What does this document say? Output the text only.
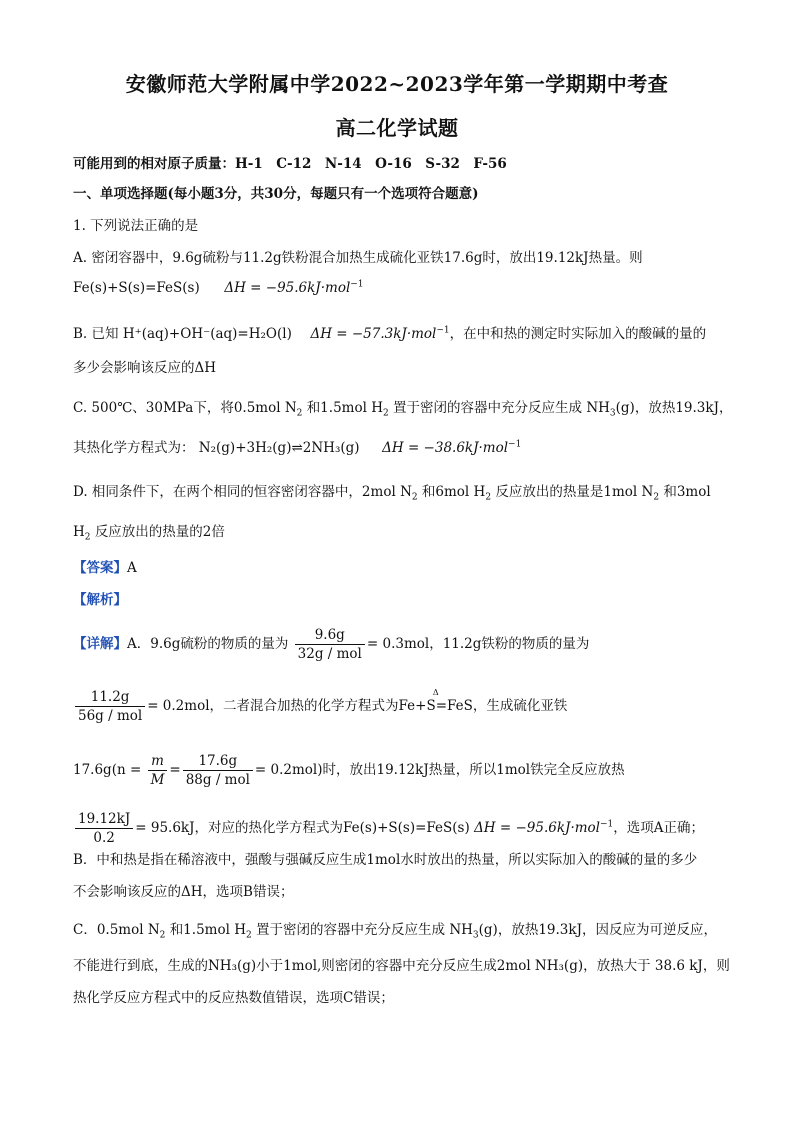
安徽师范大学附属中学2022~2023学年第一学期期中考查
高二化学试题
可能用到的相对原子质量：H-1　C-12　N-14　O-16　S-32　F-56
一、单项选择题(每小题3分，共30分，每题只有一个选项符合题意)
1. 下列说法正确的是
A. 密闭容器中，9.6g硫粉与11.2g铁粉混合加热生成硫化亚铁17.6g时，放出19.12kJ热量。则
Fe(s)+S(s)=FeS(s) ΔH = −95.6kJ·mol$^{-1}$
B. 已知 H⁺(aq)+OH⁻(aq)=H₂O(l) ΔH = −57.3kJ·mol$^{-1}$，在中和热的测定时实际加入的酸碱的量的
多少会影响该反应的ΔH
C. 500℃、30MPa下，将0.5mol $N_2$ 和1.5mol $H_2$ 置于密闭的容器中充分反应生成 $NH_3(g)$，放热19.3kJ，
其热化学方程式为： N₂(g)+3H₂(g)⇌2NH₃(g) ΔH = −38.6kJ·mol$^{-1}$
D. 相同条件下，在两个相同的恒容密闭容器中，2mol $N_2$ 和6mol $H_2$ 反应放出的热量是1mol $N_2$ 和3mol
$H_2$ 反应放出的热量的2倍
【答案】A
【解析】
【详解】A．9.6g硫粉的物质的量为 $\frac{9.6g}{\text{32g / mol}} = 0.3mol$，11.2g铁粉的物质的量为
$\frac{11.2g}{\text{56g / mol}} = 0.2mol$，二者混合加热的化学方程式为
Δ
Fe+S=FeS，生成硫化亚铁
$17.6g(n = \frac{m}{M} = \frac{17.6g}{\text{88g / mol}} = 0.2mol)$时，放出19.12kJ热量，所以1mol铁完全反应放热
$\frac{19.12kJ}{0.2} = 95.6kJ$，对应的热化学方程式为Fe(s)+S(s)=FeS(s) ΔH = −95.6kJ·mol$^{-1}$，选项A正确；
B．中和热是指在稀溶液中，强酸与强碱反应生成1mol水时放出的热量，所以实际加入的酸碱的量的多少
不会影响该反应的ΔH，选项B错误；
C．0.5mol $N_2$ 和1.5mol $H_2$ 置于密闭的容器中充分反应生成 $NH_3(g)$，放热19.3kJ，因反应为可逆反应，
不能进行到底，生成的NH₃(g)小于1mol,则密闭的容器中充分反应生成2mol NH₃(g)，放热大于 38.6 kJ，则
热化学反应方程式中的反应热数值错误，选项C错误；
